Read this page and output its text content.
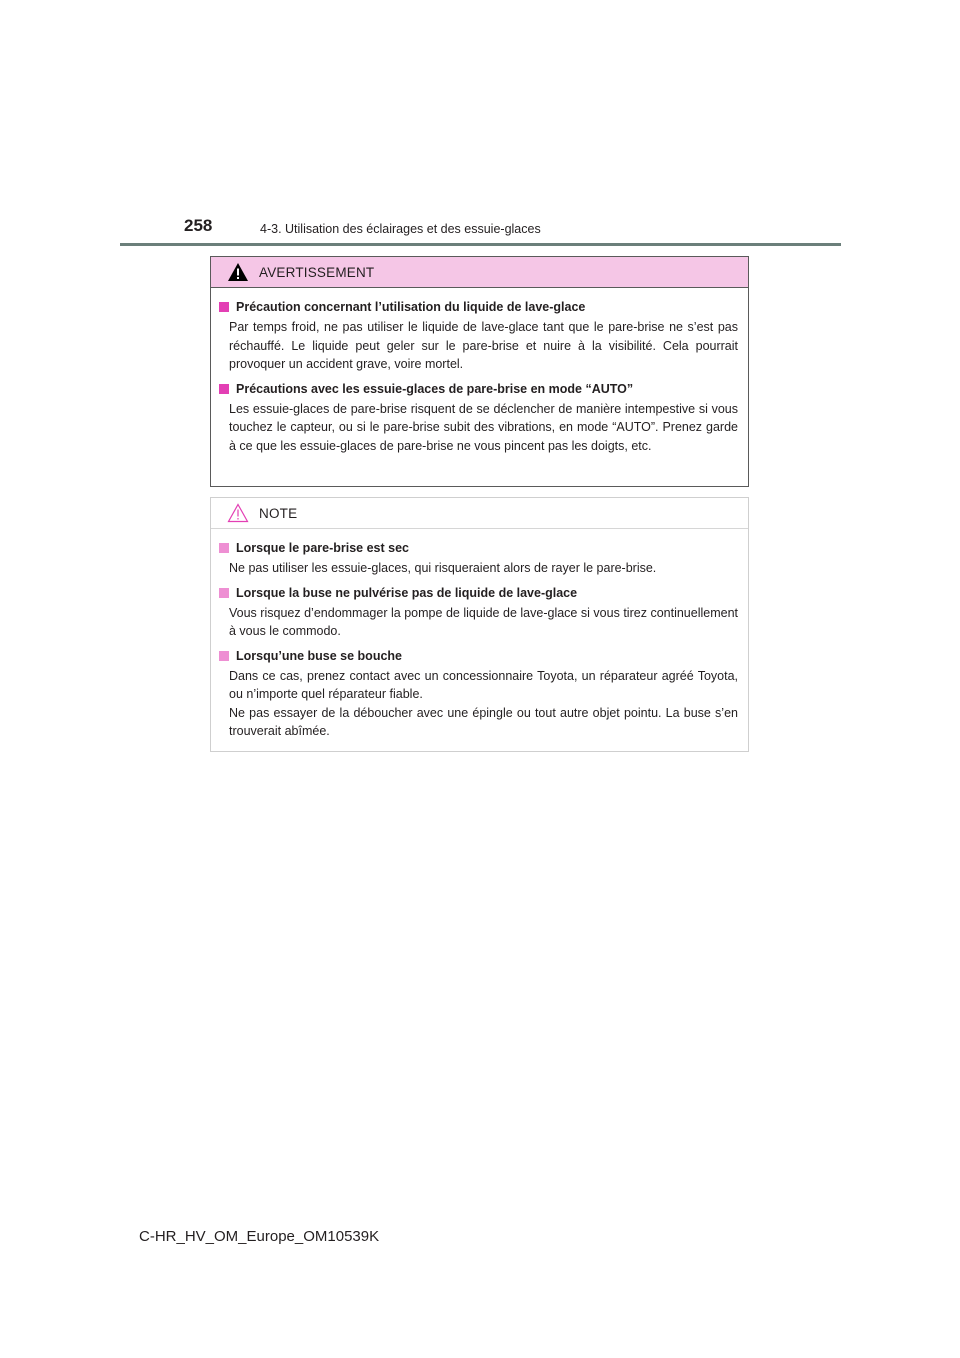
258	4-3. Utilisation des éclairages et des essuie-glaces
AVERTISSEMENT
Précaution concernant l’utilisation du liquide de lave-glace
Par temps froid, ne pas utiliser le liquide de lave-glace tant que le pare-brise ne s’est pas réchauffé. Le liquide peut geler sur le pare-brise et nuire à la visibilité. Cela pourrait provoquer un accident grave, voire mortel.
Précautions avec les essuie-glaces de pare-brise en mode “AUTO”
Les essuie-glaces de pare-brise risquent de se déclencher de manière intempestive si vous touchez le capteur, ou si le pare-brise subit des vibrations, en mode “AUTO”. Prenez garde à ce que les essuie-glaces de pare-brise ne vous pincent pas les doigts, etc.
NOTE
Lorsque le pare-brise est sec
Ne pas utiliser les essuie-glaces, qui risqueraient alors de rayer le pare-brise.
Lorsque la buse ne pulvérise pas de liquide de lave-glace
Vous risquez d’endommager la pompe de liquide de lave-glace si vous tirez continuellement à vous le commodo.
Lorsqu’une buse se bouche
Dans ce cas, prenez contact avec un concessionnaire Toyota, un réparateur agréé Toyota, ou n’importe quel réparateur fiable.
Ne pas essayer de la déboucher avec une épingle ou tout autre objet pointu. La buse s’en trouverait abîmée.
C-HR_HV_OM_Europe_OM10539K
